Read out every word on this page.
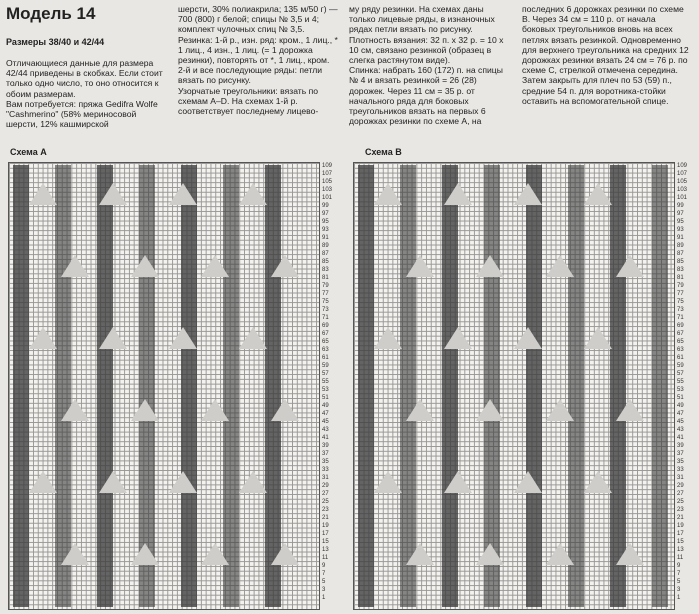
Модель 14
Размеры 38/40 и 42/44

Отличающиеся данные для размера 42/44 приведены в скобках. Если стоит только одно число, то оно относится к обоим размерам.

Вам потребуется: пряжа Gedifra Wolfe "Cashmerino" (58% мериносовой шерсти, 12% кашмирской

шерсти, 30% полиакрила; 135 м/50 г) — 700 (800) г белой; спицы № 3,5 и 4; комплект чулочных спиц № 3,5.

Резинка: 1-й р., изн. ряд: кром., 1 лиц., * 1 лиц., 4 изн., 1 лиц. (= 1 дорожка резинки), повторять от *, 1 лиц., кром. 2-й и все последующие ряды: петли вязать по рисунку.

Узорчатые треугольники: вязать по схемам А–D. На схемах 1-й р. соответствует последнему лицево-

му ряду резинки. На схемах даны только лицевые ряды, в изнаночных рядах петли вязать по рисунку.

Плотность вязания: 32 п. х 32 р. = 10 х 10 см, связано резинкой (образец в слегка растянутом виде).

Спинка: набрать 160 (172) п. на спицы № 4 и вязать резинкой = 26 (28) дорожек. Через 11 см = 35 р. от начального ряда для боковых треугольников вязать на первых 6 дорожках резинки по схеме А, на

последних 6 дорожках резинки по схеме В. Через 34 см = 110 р. от начала боковых треугольников вновь на всех петлях вязать резинкой. Одновременно для верхнего треугольника на средних 12 дорожках резинки вязать 24 см = 76 р. по схеме С, стрелкой отмечена середина. Затем закрыть для плеч по 53 (59) п., средние 54 п. для воротника-стойки оставить на вспомогательной спице.

Схема А	Схема В
109
107
105
103
101
99
97
95
93
91
89
87
85
83
81
79
77
75
73
71
69
67
65
63
61
59
57
55
53
51
49
47
45
43
41
39
37
35
33
31
29
27
25
23
21
19
17
15
13
11
9
7
5
3
1
109
107
105
103
101
99
97
95
93
91
89
87
85
83
81
79
77
75
73
71
69
67
65
63
61
59
57
55
53
51
49
47
45
43
41
39
37
35
33
31
29
27
25
23
21
19
17
15
13
11
9
7
5
3
1
